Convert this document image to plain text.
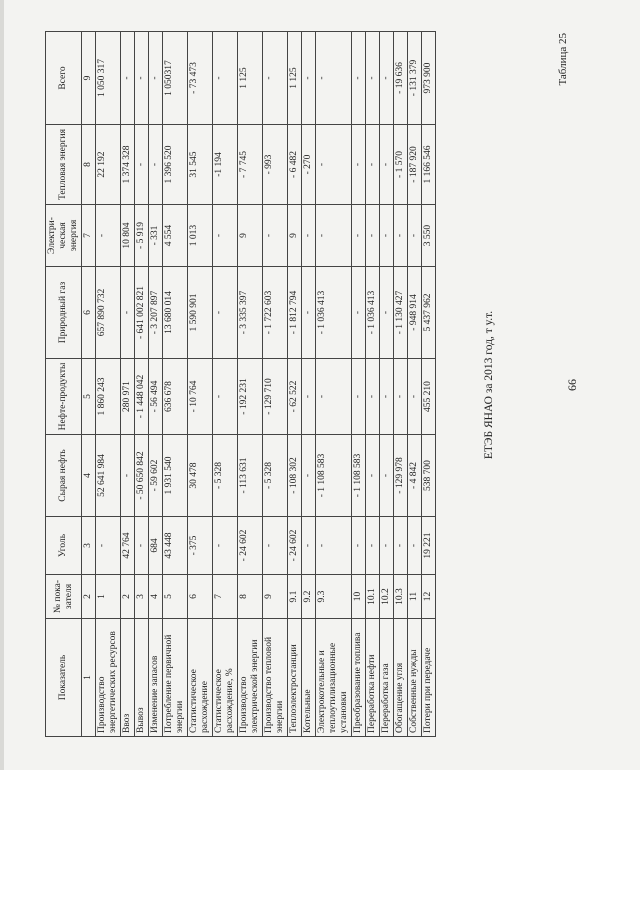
66
Таблица 25
ЕТЭБ ЯНАО за 2013 год, т у.т.
Показатель	№ пока-зателя	Уголь	Сырая нефть	Нефте-продукты	Природный газ	Электри-ческая энергия	Тепловая энергия	Всего
1	2	3	4	5	6	7	8	9
Производство энергетических ресурсов	1	-	52 641 984	1 860 243	657 890 732	-	22 192	1 050 317
Ввоз	2	42 764	-	280 971	-	10 804	1 374 328	-
Вывоз	3	-	- 50 650 842	- 1 448 042	- 641 002 821	- 5 919	-	-
Изменение запасов	4	684	- 59 602	- 56 494	- 3 207 897	- 331	-	-
Потребление первичной энергии	5	43 448	1 931 540	636 678	13 680 014	4 554	1 396 520	1 050317
Статистическое расхождение	6	- 375	30 478	- 10 764	1 590 901	1 013	31 545	- 73 473
Статистическое расхождение, %	7	-	- 5 328	-	-	-	-1 194	-
Производство электрической энергии	8	- 24 602	- 113 631	- 192 231	- 3 335 397	9	- 7 745	1 125
Производство тепловой энергии	9	-	- 5 328	- 129 710	- 1 722 603	-	- 993	-
Теплоэлектростанции	9.1	- 24 602	- 108 302	- 62 522	- 1 812 794	9	- 6 482	1 125
Котельные	9.2	-	-	-	-	-	- 270	-
Электрокотельные и теплоутилизационные установки	9.3	-	- 1 108 583	-	- 1 036 413	-	-	-
Преобразование топлива	10	-	- 1 108 583	-	-	-	-	-
Переработка нефти	10.1	-	-	-	- 1 036 413	-	-	-
Переработка газа	10.2	-	-	-	-	-	-	-
Обогащение угля	10.3	-	- 129 978	-	- 1 130 427	-	- 1 570	- 19 636
Собственные нужды	11	-	- 4 842	-	- 948 914	-	- 187 920	- 131 379
Потери при передаче	12	19 221	538 700	455 210	5 437 962	3 550	1 166 546	973 900
